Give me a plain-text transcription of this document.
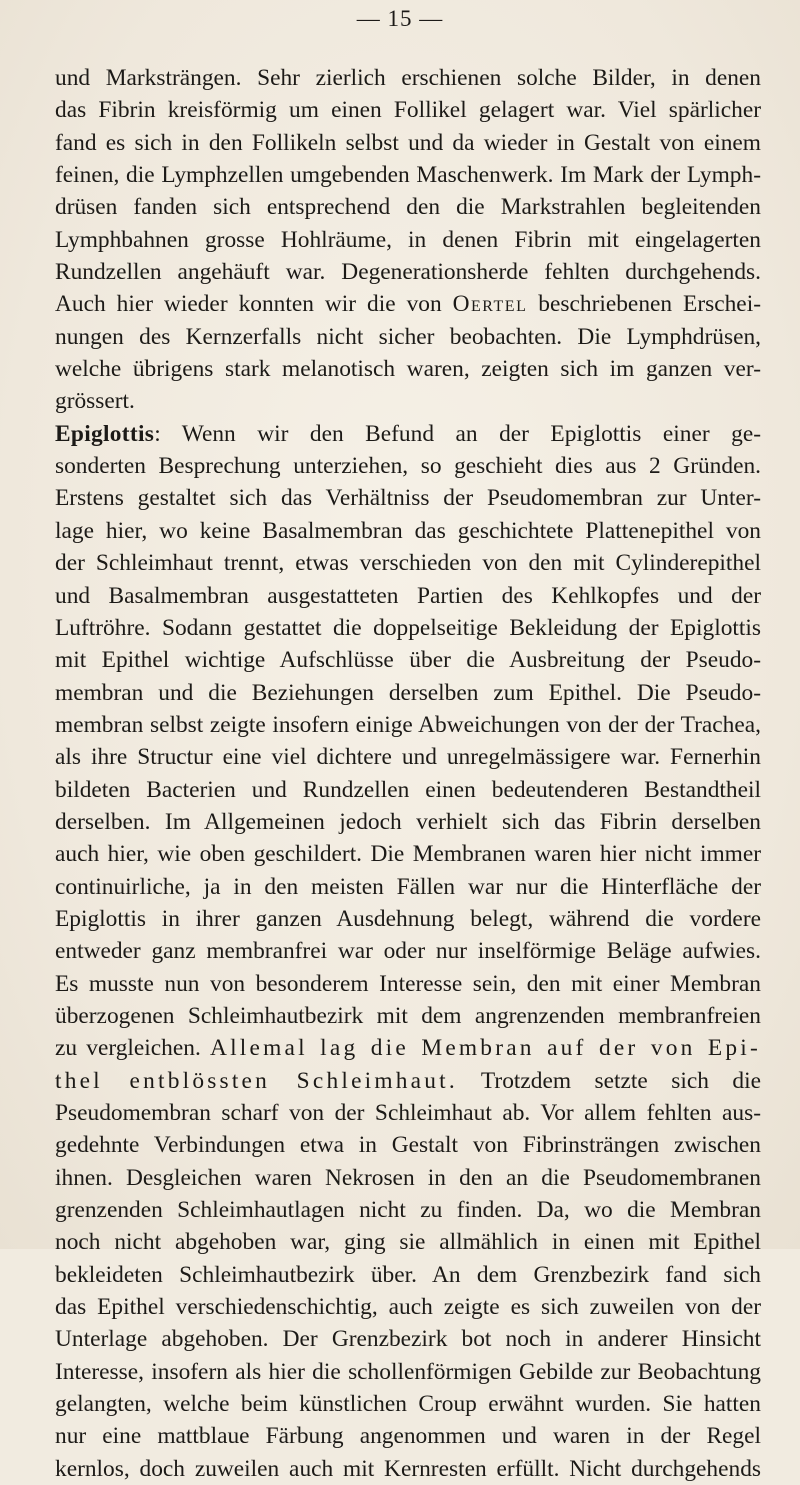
— 15 —
und Marksträngen. Sehr zierlich erschienen solche Bilder, in denen
das Fibrin kreisförmig um einen Follikel gelagert war. Viel spärlicher
fand es sich in den Follikeln selbst und da wieder in Gestalt von einem
feinen, die Lymphzellen umgebenden Maschenwerk. Im Mark der Lymph-
drüsen fanden sich entsprechend den die Markstrahlen begleitenden
Lymphbahnen grosse Hohlräume, in denen Fibrin mit eingelagerten
Rundzellen angehäuft war. Degenerationsherde fehlten durchgehends.
Auch hier wieder konnten wir die von Oertel beschriebenen Erschei-
nungen des Kernzerfalls nicht sicher beobachten. Die Lymphdrüsen,
welche übrigens stark melanotisch waren, zeigten sich im ganzen ver-
grössert.
Epiglottis: Wenn wir den Befund an der Epiglottis einer ge-
sonderten Besprechung unterziehen, so geschieht dies aus 2 Gründen.
Erstens gestaltet sich das Verhältniss der Pseudomembran zur Unter-
lage hier, wo keine Basalmembran das geschichtete Plattenepithel von
der Schleimhaut trennt, etwas verschieden von den mit Cylinderepithel
und Basalmembran ausgestatteten Partien des Kehlkopfes und der
Luftröhre. Sodann gestattet die doppelseitige Bekleidung der Epiglottis
mit Epithel wichtige Aufschlüsse über die Ausbreitung der Pseudo-
membran und die Beziehungen derselben zum Epithel. Die Pseudo-
membran selbst zeigte insofern einige Abweichungen von der der Trachea,
als ihre Structur eine viel dichtere und unregelmässigere war. Fernerhin
bildeten Bacterien und Rundzellen einen bedeutenderen Bestandtheil
derselben. Im Allgemeinen jedoch verhielt sich das Fibrin derselben
auch hier, wie oben geschildert. Die Membranen waren hier nicht immer
continuirliche, ja in den meisten Fällen war nur die Hinterfläche der
Epiglottis in ihrer ganzen Ausdehnung belegt, während die vordere
entweder ganz membranfrei war oder nur inselförmige Beläge aufwies.
Es musste nun von besonderem Interesse sein, den mit einer Membran
überzogenen Schleimhautbezirk mit dem angrenzenden membranfreien
zu vergleichen. Allemal lag die Membran auf der von Epi-
thel entblössten Schleimhaut. Trotzdem setzte sich die
Pseudomembran scharf von der Schleimhaut ab. Vor allem fehlten aus-
gedehnte Verbindungen etwa in Gestalt von Fibrinsträngen zwischen
ihnen. Desgleichen waren Nekrosen in den an die Pseudomembranen
grenzenden Schleimhautlagen nicht zu finden. Da, wo die Membran
noch nicht abgehoben war, ging sie allmählich in einen mit Epithel
bekleideten Schleimhautbezirk über. An dem Grenzbezirk fand sich
das Epithel verschiedenschichtig, auch zeigte es sich zuweilen von der
Unterlage abgehoben. Der Grenzbezirk bot noch in anderer Hinsicht
Interesse, insofern als hier die schollenförmigen Gebilde zur Beobachtung
gelangten, welche beim künstlichen Croup erwähnt wurden. Sie hatten
nur eine mattblaue Färbung angenommen und waren in der Regel
kernlos, doch zuweilen auch mit Kernresten erfüllt. Nicht durchgehends
